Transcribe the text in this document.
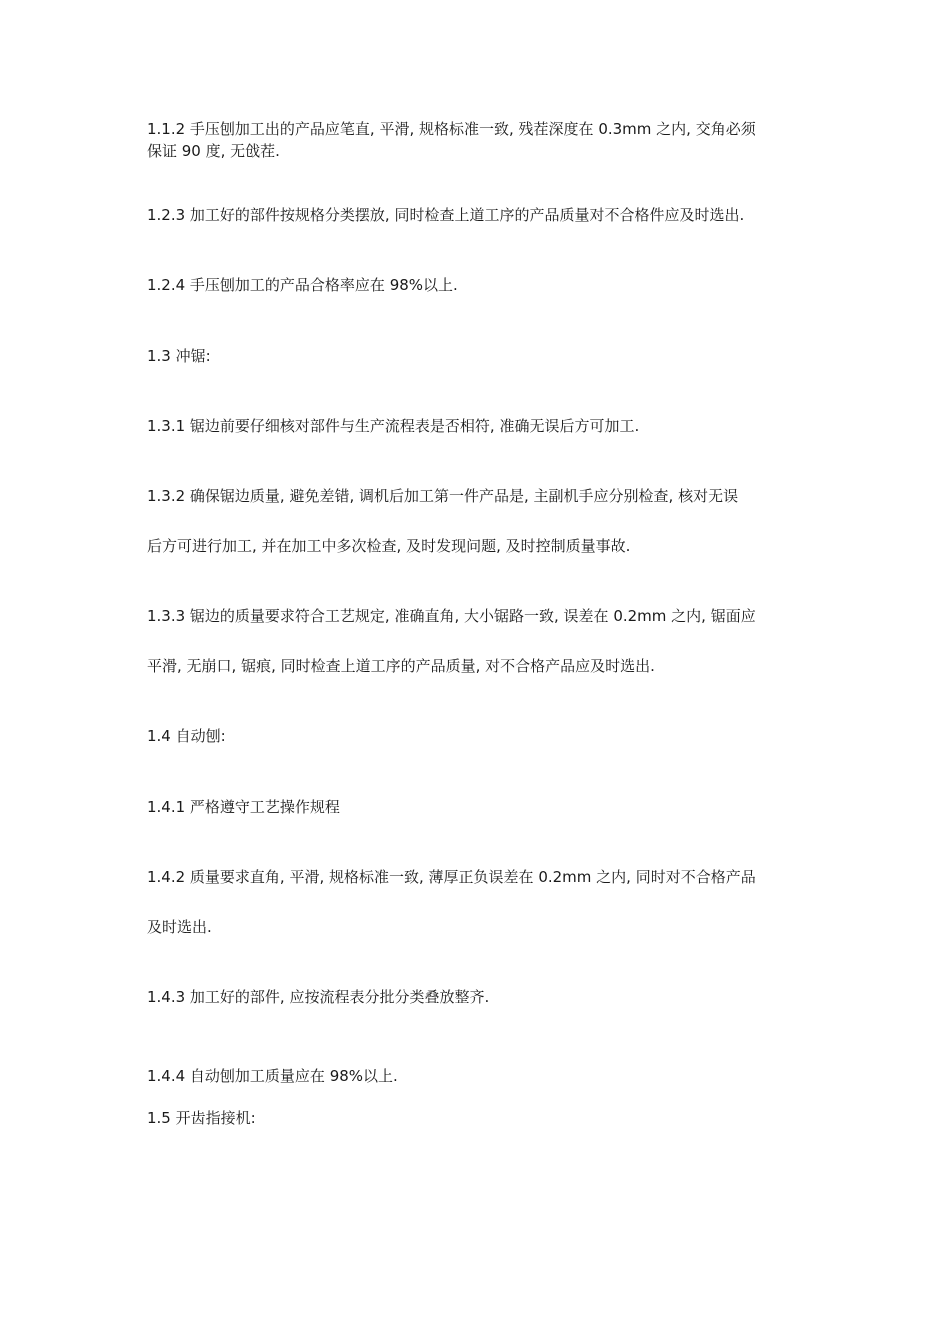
1.1.2 手压刨加工出的产品应笔直, 平滑, 规格标准一致, 残茬深度在 0.3mm 之内, 交角必须
保证 90 度, 无戗茬.
1.2.3 加工好的部件按规格分类摆放, 同时检查上道工序的产品质量对不合格件应及时选出.
1.2.4 手压刨加工的产品合格率应在 98%以上.
1.3 冲锯:
1.3.1 锯边前要仔细核对部件与生产流程表是否相符, 准确无误后方可加工.
1.3.2 确保锯边质量, 避免差错, 调机后加工第一件产品是, 主副机手应分别检查, 核对无误
后方可进行加工, 并在加工中多次检查, 及时发现问题, 及时控制质量事故.
1.3.3 锯边的质量要求符合工艺规定, 准确直角, 大小锯路一致, 误差在 0.2mm 之内, 锯面应
平滑, 无崩口, 锯痕, 同时检查上道工序的产品质量, 对不合格产品应及时选出.
1.4 自动刨:
1.4.1 严格遵守工艺操作规程
1.4.2 质量要求直角, 平滑, 规格标准一致, 薄厚正负误差在 0.2mm 之内, 同时对不合格产品
及时选出.
1.4.3 加工好的部件, 应按流程表分批分类叠放整齐.
1.4.4 自动刨加工质量应在 98%以上.
1.5 开齿指接机:
